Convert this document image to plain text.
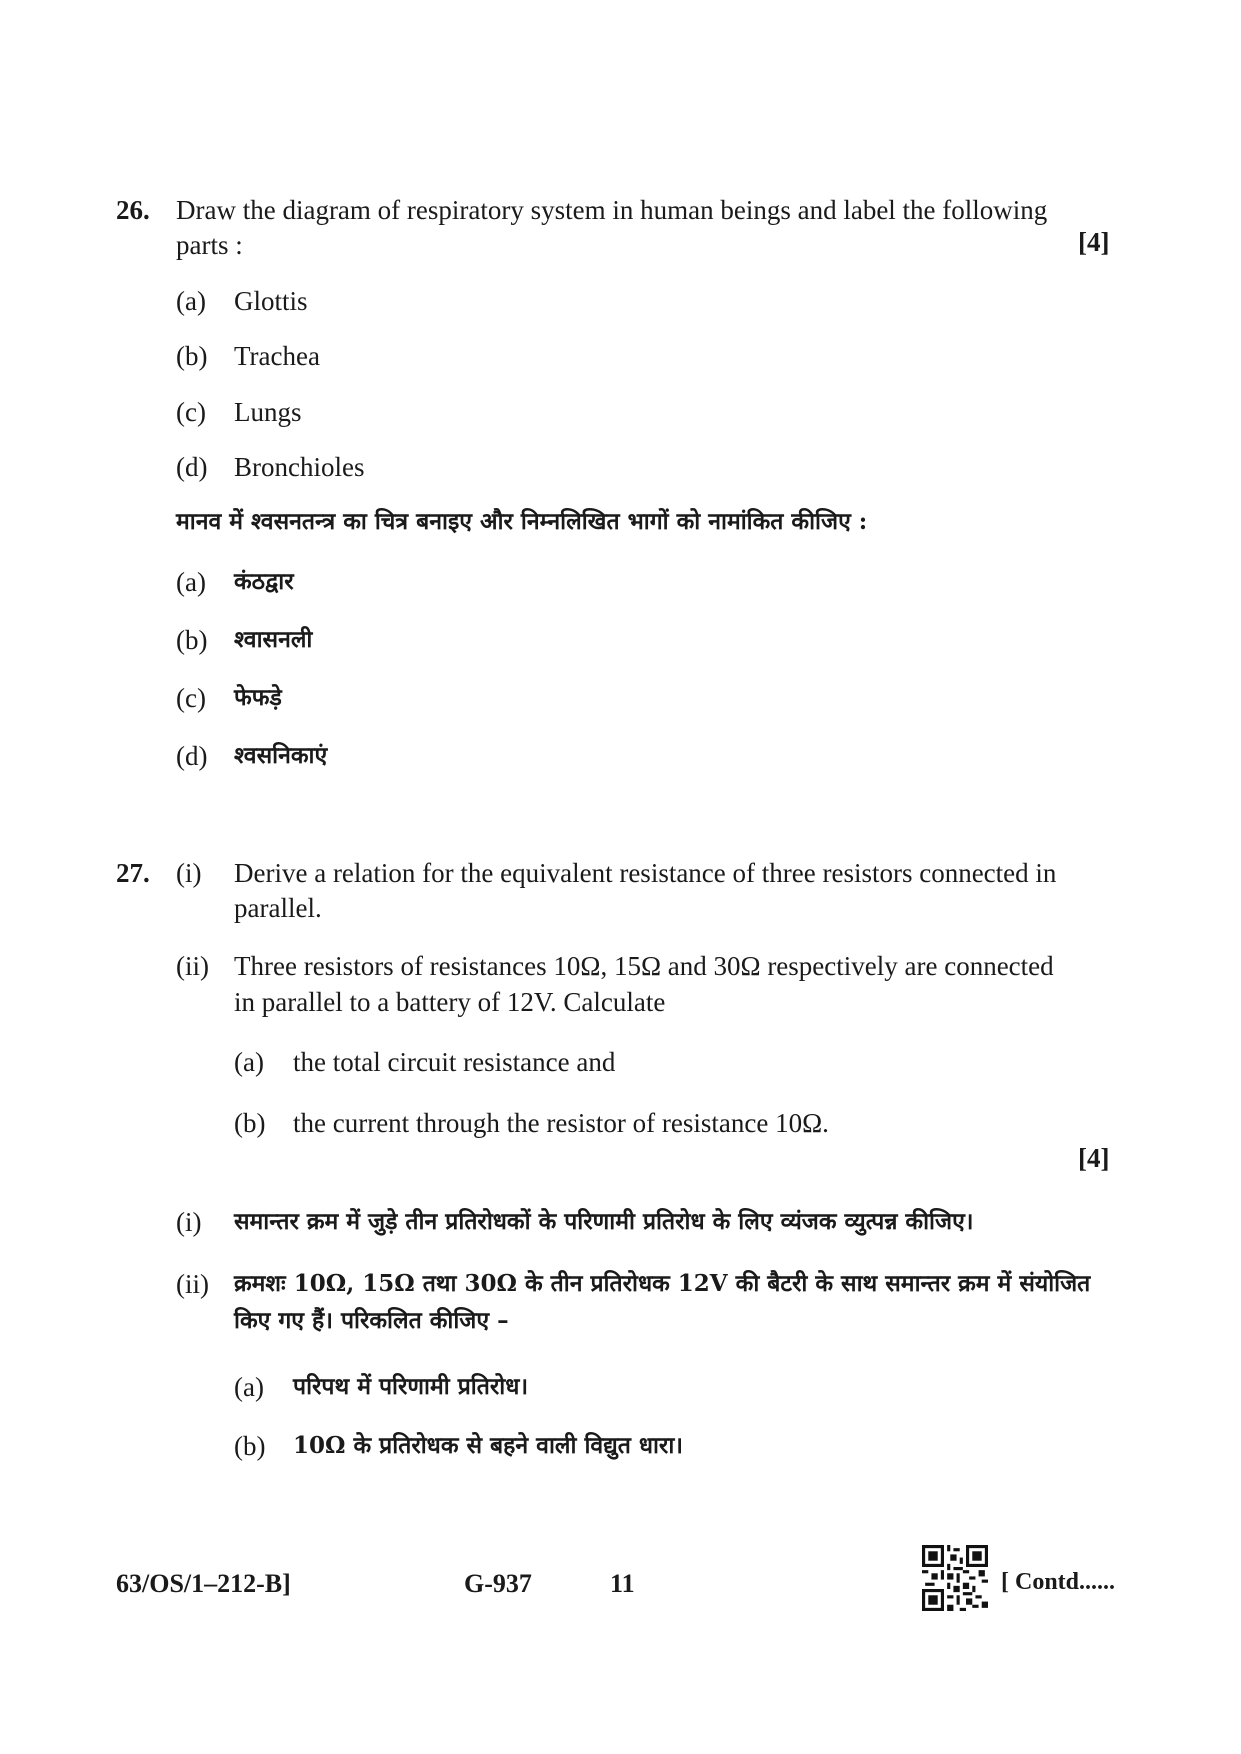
26. Draw the diagram of respiratory system in human beings and label the following
parts :	[4]
(a) Glottis
(b) Trachea
(c) Lungs
(d) Bronchioles
मानव में श्वसनतन्त्र का चित्र बनाइए और निम्नलिखित भागों को नामांकित कीजिए :
(a) कंठद्वार
(b) श्वासनली
(c) फेफड़े
(d) श्वसनिकाएं
27. (i) Derive a relation for the equivalent resistance of three resistors connected in
parallel.
(ii) Three resistors of resistances 10Ω, 15Ω and 30Ω respectively are connected
in parallel to a battery of 12V. Calculate
(a) the total circuit resistance and
(b) the current through the resistor of resistance 10Ω.
[4]
(i) समान्तर क्रम में जुड़े तीन प्रतिरोधकों के परिणामी प्रतिरोध के लिए व्यंजक व्युत्पन्न कीजिए।
(ii) क्रमशः 10Ω, 15Ω तथा 30Ω के तीन प्रतिरोधक 12V की बैटरी के साथ समान्तर क्रम में संयोजित
किए गए हैं। परिकलित कीजिए –
(a) परिपथ में परिणामी प्रतिरोध।
(b) 10Ω के प्रतिरोधक से बहने वाली विद्युत धारा।
63/OS/1–212-B]	G-937	11	[ Contd......
